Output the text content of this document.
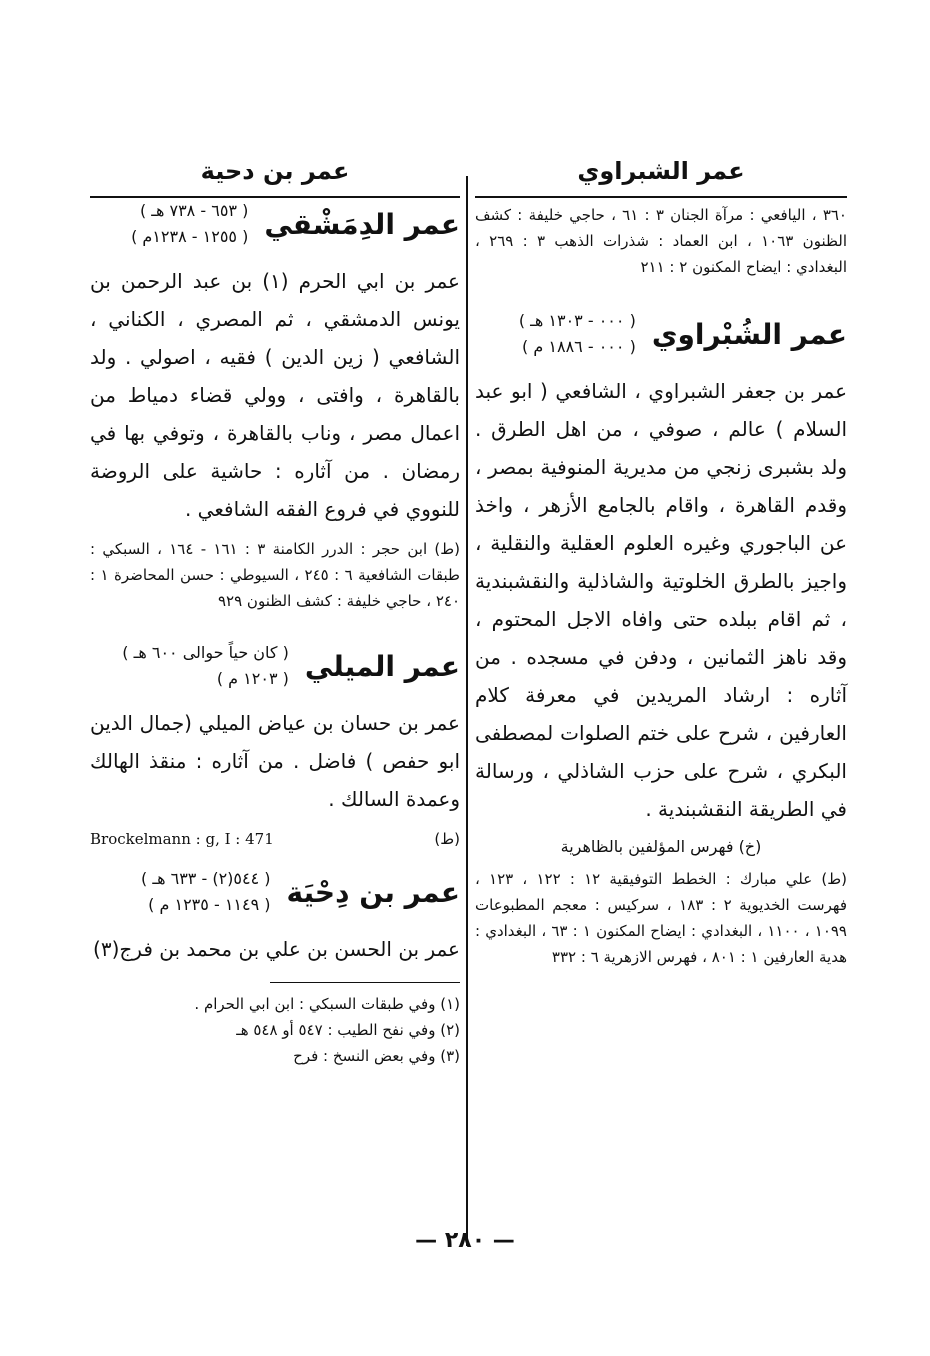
عمر الشبراوي

٣٦٠ ، اليافعي : مرآة الجنان ٣ : ٦١ ، حاجي خليفة : كشف الظنون ١٠٦٣ ، ابن العماد : شذرات الذهب ٣ : ٢٦٩ ، البغدادي : ايضاح المكنون ٢ : ٢١١

عمر الشُبْراوي
( ٠٠٠ - ١٣٠٣ هـ )
( ٠٠٠ - ١٨٨٦ م )

عمر بن جعفر الشبراوي ، الشافعي ( ابو عبد السلام ) عالم ، صوفي ، من اهل الطرق . ولد بشبرى زنجي من مديرية المنوفية بمصر ، وقدم القاهرة ، واقام بالجامع الأزهر ، واخذ عن الباجوري وغيره العلوم العقلية والنقلية ، واجيز بالطرق الخلوتية والشاذلية والنقشبندية ، ثم اقام ببلده حتى وافاه الاجل المحتوم ، وقد ناهز الثمانين ، ودفن في مسجده . من آثاره : ارشاد المريدين في معرفة كلام العارفين ، شرح على ختم الصلوات لمصطفى البكري ، شرح على حزب الشاذلي ، ورسالة في الطريقة النقشبندية .

(خ) فهرس المؤلفين بالظاهرية

(ط) علي مبارك : الخطط التوفيقية ١٢ : ١٢٢ ، ١٢٣ ، فهرست الخديوية ٢ : ١٨٣ ، سركيس : معجم المطبوعات ١٠٩٩ ، ١١٠٠ ، البغدادي : ايضاح المكنون ١ : ٦٣ ، البغدادي : هدية العارفين ١ : ٨٠١ ، فهرس الازهرية ٦ : ٣٣٢

عمر بن دحية
عمر الدِمَشْقي
( ٦٥٣ - ٧٣٨ هـ )
( ١٢٥٥ - ١٢٣٨م )

عمر بن ابي الحرم (١) بن عبد الرحمن بن يونس الدمشقي ، ثم المصري ، الكناني ، الشافعي ( زين الدين ) فقيه ، اصولي . ولد بالقاهرة ، وافتى ، وولي قضاء دمياط من اعمال مصر ، وناب بالقاهرة ، وتوفي بها في رمضان . من آثاره : حاشية على الروضة للنووي في فروع الفقه الشافعي .

(ط) ابن حجر : الدرر الكامنة ٣ : ١٦١ - ١٦٤ ، السبكي : طبقات الشافعية ٦ : ٢٤٥ ، السيوطي : حسن المحاضرة ١ : ٢٤٠ ، حاجي خليفة : كشف الظنون ٩٢٩

عمر الميلي
( كان حياً حوالى ٦٠٠ هـ )
( ١٢٠٣ م )

عمر بن حسان بن عياض الميلي (جمال الدين ابو حفص ) فاضل . من آثاره : منقذ الهالك وعمدة السالك .

(ط)
Brockelmann : g, I : 471
عمر بن دِحْيَة
( ٥٤٤(٢) - ٦٣٣ هـ )
( ١١٤٩ - ١٢٣٥ م )

عمر بن الحسن بن علي بن محمد بن فرج(٣)

(١) وفي طبقات السبكي : ابن ابي الحرام .
(٢) وفي نفح الطيب : ٥٤٧ أو ٥٤٨ هـ
(٣) وفي بعض النسخ : فرح
— ٢٨٠ —
